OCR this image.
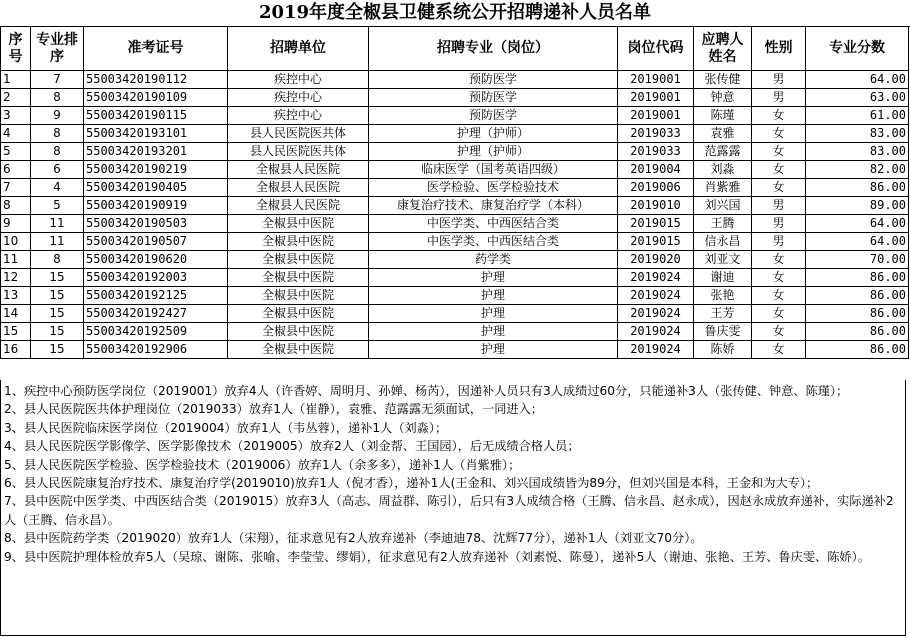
2019年度全椒县卫健系统公开招聘递补人员名单
序号	专业排序	准考证号	招聘单位	招聘专业（岗位）	岗位代码	应聘人姓名	性别	专业分数
1	7	55003420190112	疾控中心	预防医学	2019001	张传健	男	64.00
2	8	55003420190109	疾控中心	预防医学	2019001	钟意	男	63.00
3	9	55003420190115	疾控中心	预防医学	2019001	陈瑾	女	61.00
4	8	55003420193101	县人民医院医共体	护理（护师）	2019033	袁雅	女	83.00
5	8	55003420193201	县人民医院医共体	护理（护师）	2019033	范露露	女	83.00
6	6	55003420190219	全椒县人民医院	临床医学（国考英语四级）	2019004	刘淼	女	82.00
7	4	55003420190405	全椒县人民医院	医学检验、医学检验技术	2019006	肖紫雅	女	86.00
8	5	55003420190919	全椒县人民医院	康复治疗技术、康复治疗学（本科）	2019010	刘兴国	男	89.00
9	11	55003420190503	全椒县中医院	中医学类、中西医结合类	2019015	王腾	男	64.00
10	11	55003420190507	全椒县中医院	中医学类、中西医结合类	2019015	信永昌	男	64.00
11	8	55003420190620	全椒县中医院	药学类	2019020	刘亚文	女	70.00
12	15	55003420192003	全椒县中医院	护理	2019024	谢迪	女	86.00
13	15	55003420192125	全椒县中医院	护理	2019024	张艳	女	86.00
14	15	55003420192427	全椒县中医院	护理	2019024	王芳	女	86.00
15	15	55003420192509	全椒县中医院	护理	2019024	鲁庆雯	女	86.00
16	15	55003420192906	全椒县中医院	护理	2019024	陈娇	女	86.00

1、疾控中心预防医学岗位（2019001）放弃4人（许香婷、周明月、孙婵、杨芮），因递补人员只有3人成绩过60分，只能递补3人（张传健、钟意、陈瑾）；

2、县人民医院医共体护理岗位（2019033）放弃1人（崔静），袁雅、范露露无须面试，一同进入；

3、县人民医院临床医学岗位（2019004）放弃1人（韦丛蓉），递补1人（刘淼）；

4、县人民医院医学影像学、医学影像技术（2019005）放弃2人（刘金帮、王国园），后无成绩合格人员；

5、县人民医院医学检验、医学检验技术（2019006）放弃1人（余多多），递补1人（肖紫雅）；

6、县人民医院康复治疗技术、康复治疗学(2019010)放弃1人（倪才香），递补1人(王金和、刘兴国成绩皆为89分，但刘兴国是本科，王金和为大专）；

7、县中医院中医学类、中西医结合类（2019015）放弃3人（高志、周益群、陈引），后只有3人成绩合格（王腾、信永昌、赵永成），因赵永成放弃递补，实际递补2人（王腾、信永昌）。

8、县中医院药学类（2019020）放弃1人（宋翔），征求意见有2人放弃递补（李迪迪78、沈辉77分），递补1人（刘亚文70分）。

9、县中医院护理体检放弃5人（吴琼、谢陈、张喻、李莹莹、缪娟），征求意见有2人放弃递补（刘素悦、陈曼），递补5人（谢迪、张艳、王芳、鲁庆雯、陈娇）。
